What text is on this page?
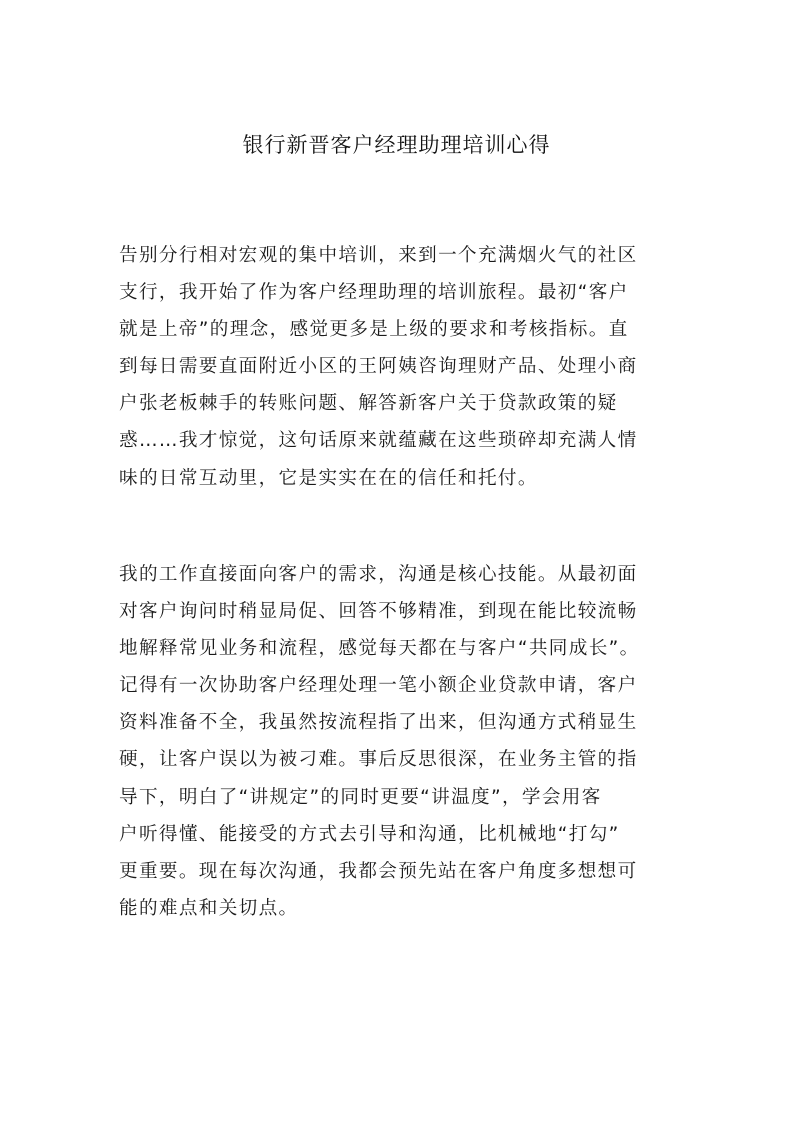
银行新晋客户经理助理培训心得
告别分行相对宏观的集中培训，来到一个充满烟火气的社区
支行，我开始了作为客户经理助理的培训旅程。最初“客户
就是上帝”的理念，感觉更多是上级的要求和考核指标。直
到每日需要直面附近小区的王阿姨咨询理财产品、处理小商
户张老板棘手的转账问题、解答新客户关于贷款政策的疑
惑……我才惊觉，这句话原来就蕴藏在这些琐碎却充满人情
味的日常互动里，它是实实在在的信任和托付。
我的工作直接面向客户的需求，沟通是核心技能。从最初面
对客户询问时稍显局促、回答不够精准，到现在能比较流畅
地解释常见业务和流程，感觉每天都在与客户“共同成长”。
记得有一次协助客户经理处理一笔小额企业贷款申请，客户
资料准备不全，我虽然按流程指了出来，但沟通方式稍显生
硬，让客户误以为被刁难。事后反思很深，在业务主管的指
导下，明白了“讲规定”的同时更要“讲温度”，学会用客
户听得懂、能接受的方式去引导和沟通，比机械地“打勾”
更重要。现在每次沟通，我都会预先站在客户角度多想想可
能的难点和关切点。
